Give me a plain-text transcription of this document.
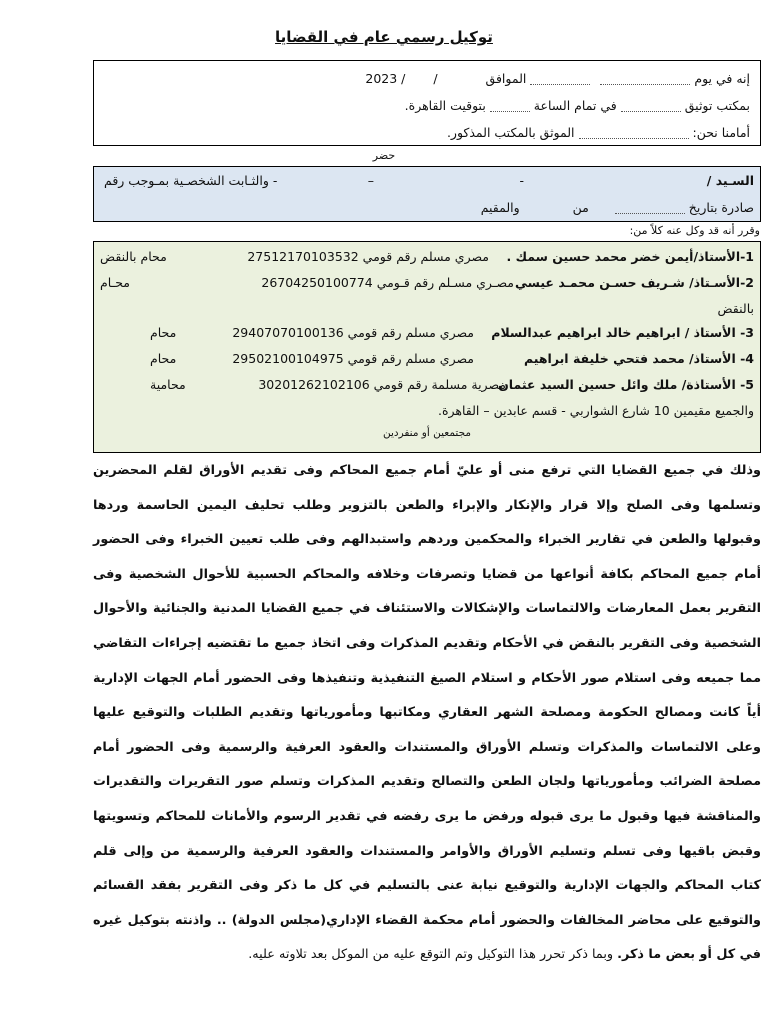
توكيل رسمي عام في القضايا
إنه في يوم   الموافق  /  / 2023
بمكتب توثيق  في تمام الساعة  بتوقيت القاهرة.
أمامنا نحن:  الموثق بالمكتب المذكور.
حضر
السـيد /
-
–
- والثـابت الشخصـية بمـوجب رقم
صادرة بتاريخ   من  والمقيم
وقرر أنه قد وكل عنه كلاً من:
1-الأستاذ/أيمن خضر محمد حسين سمك .
مصري مسلم رقم قومي 27512170103532
محام بالنقض
2-الأسـتاذ/ شـريف حسـن محمـد عيسي
مصـري مسـلم رقم قـومي 26704250100774
محـام
بالنقض
3- الأستاذ / ابراهيم خالد ابراهيم عبدالسلام
مصري مسلم رقم قومي 29407070100136
محام
4- الأستاذ/ محمد فتحي خليفة ابراهيم
مصري مسلم رقم قومي 29502100104975
محام
5- الأستاذة/ ملك وائل حسين السيد عثمان
مصرية مسلمة رقم قومي 30201262102106
محامية
والجميع مقيمين 10 شارع الشواربي - قسم عابدين – القاهرة.
مجتمعين أو منفردين
وذلك في جميع القضايا التي ترفع منى أو عليّ أمام جميع المحاكم وفى تقديم الأوراق لقلم المحضرين وتسلمها وفى الصلح وإلا قرار والإنكار والإبراء والطعن بالتزوير وطلب تحليف اليمين الحاسمة وردها وقبولها والطعن في تقارير الخبراء والمحكمين وردهم واستبدالهم وفى طلب تعيين الخبراء وفى الحضور أمام جميع المحاكم بكافة أنواعها من قضايا وتصرفات وخلافه والمحاكم الحسبية للأحوال الشخصية وفى التقرير بعمل المعارضات والالتماسات والإشكالات والاستئناف في جميع القضايا المدنية والجنائية والأحوال الشخصية وفى التقرير بالنقض في الأحكام وتقديم المذكرات وفى اتخاذ جميع ما تقتضيه إجراءات التقاضي مما جميعه وفى استلام صور الأحكام و استلام الصيغ التنفيذية وتنفيذها وفى الحضور أمام الجهات الإدارية أياً كانت ومصالح الحكومة ومصلحة الشهر العقاري ومكاتبها ومأمورياتها وتقديم الطلبات والتوقيع عليها وعلى الالتماسات والمذكرات وتسلم الأوراق والمستندات والعقود العرفية والرسمية وفى الحضور أمام مصلحة الضرائب ومأمورياتها ولجان الطعن والتصالح وتقديم المذكرات وتسلم صور التقريرات والتقديرات والمناقشة فيها وقبول ما يرى قبوله ورفض ما يرى رفضه في تقدير الرسوم والأمانات للمحاكم وتسويتها وقبض باقيها وفى تسلم وتسليم الأوراق والأوامر والمستندات والعقود العرفية والرسمية من وإلى قلم كتاب المحاكم والجهات الإدارية والتوقيع نيابة عنى بالتسليم في كل ما ذكر وفى التقرير بفقد القسائم والتوقيع على محاضر المخالفات والحضور أمام محكمة القضاء الإداري(مجلس الدولة) .. واذنته بتوكيل غيره في كل أو بعض ما ذكر. وبما ذكر تحرر هذا التوكيل وتم التوقع عليه من الموكل بعد تلاوته عليه.
